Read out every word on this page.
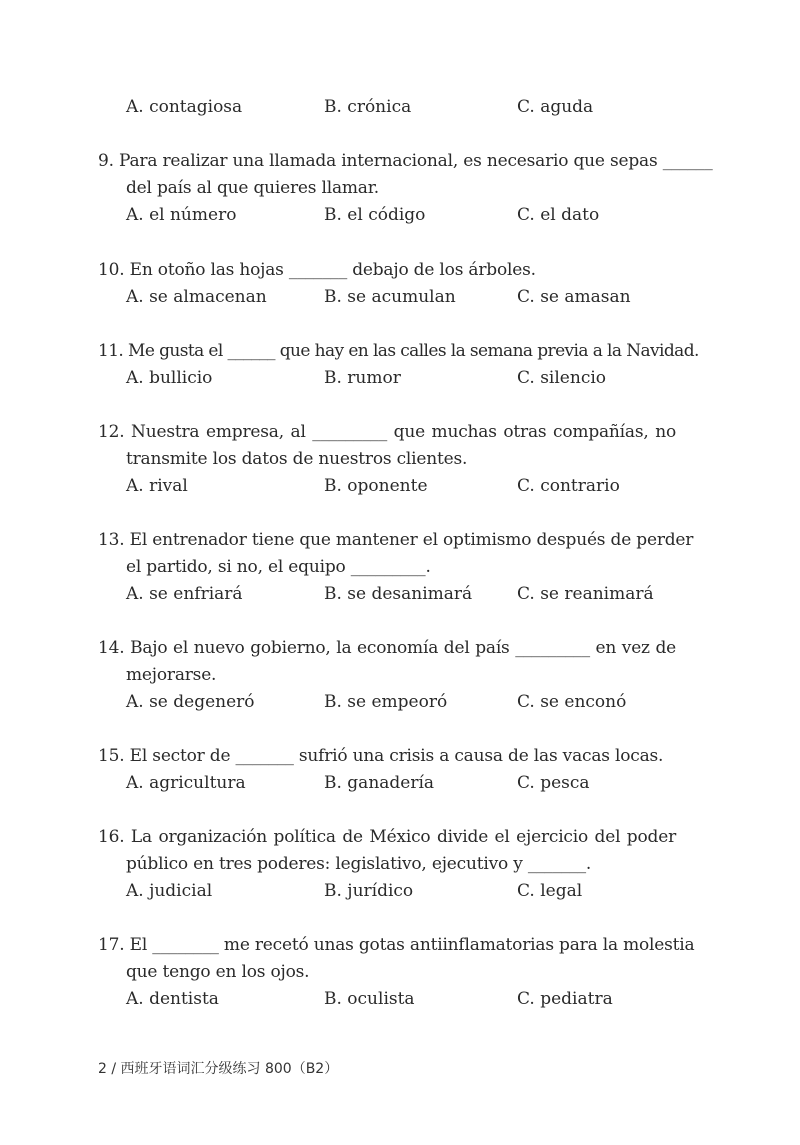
A. contagiosa	B. crónica	C. aguda
9. Para realizar una llamada internacional, es necesario que sepas ______
del país al que quieres llamar.
A. el número	B. el código	C. el dato
10. En otoño las hojas _______ debajo de los árboles.
A. se almacenan	B. se acumulan	C. se amasan
11. Me gusta el ______ que hay en las calles la semana previa a la Navidad.
A. bullicio	B. rumor	C. silencio
12. Nuestra empresa, al _________ que muchas otras compañías, no
transmite los datos de nuestros clientes.
A. rival	B. oponente	C. contrario
13. El entrenador tiene que mantener el optimismo después de perder
el partido, si no, el equipo _________.
A. se enfriará	B. se desanimará	C. se reanimará
14. Bajo el nuevo gobierno, la economía del país _________ en vez de
mejorarse.
A. se degeneró	B. se empeoró	C. se enconó
15. El sector de _______ sufrió una crisis a causa de las vacas locas.
A. agricultura	B. ganadería	C. pesca
16. La organización política de México divide el ejercicio del poder
público en tres poderes: legislativo, ejecutivo y _______.
A. judicial	B. jurídico	C. legal
17. El ________ me recetó unas gotas antiinflamatorias para la molestia
que tengo en los ojos.
A. dentista	B. oculista	C. pediatra
2 / 西班牙语词汇分级练习 800（B2）
